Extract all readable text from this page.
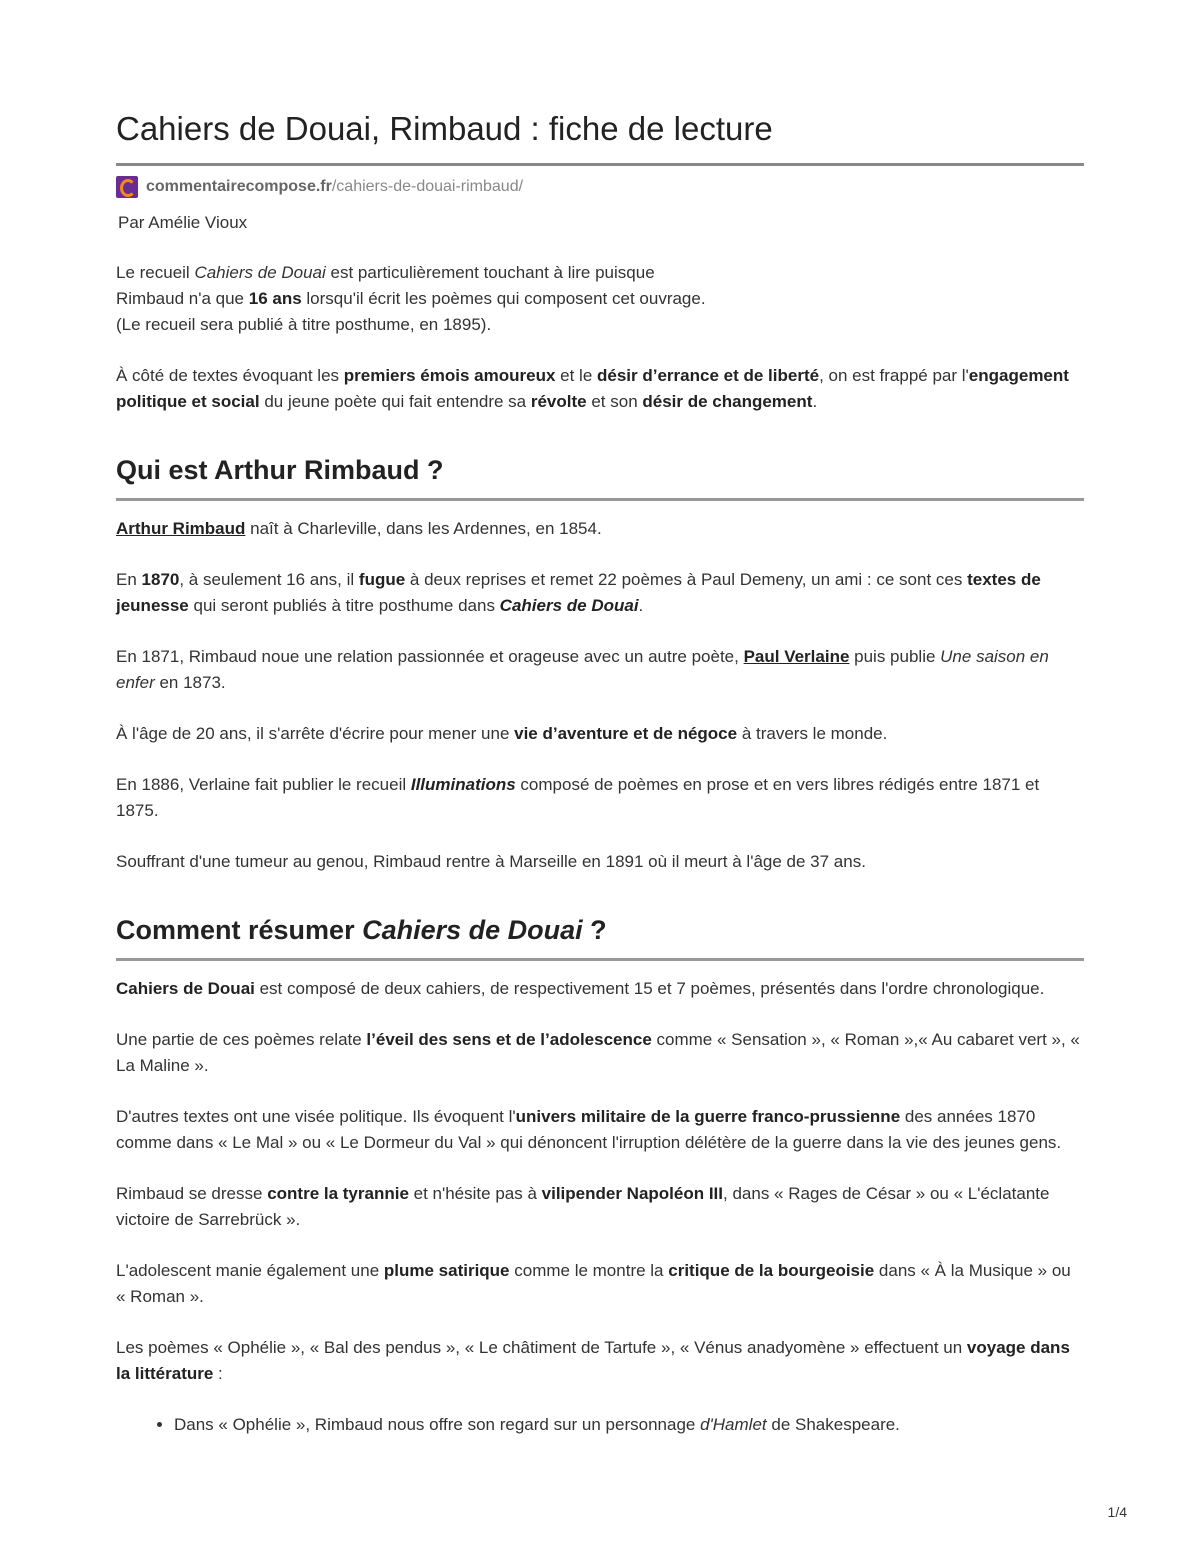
Cahiers de Douai, Rimbaud : fiche de lecture
commentairecompose.fr/cahiers-de-douai-rimbaud/
Par Amélie Vioux

Le recueil Cahiers de Douai est particulièrement touchant à lire puisque Rimbaud n'a que 16 ans lorsqu'il écrit les poèmes qui composent cet ouvrage. (Le recueil sera publié à titre posthume, en 1895).

À côté de textes évoquant les premiers émois amoureux et le désir d’errance et de liberté, on est frappé par l'engagement politique et social du jeune poète qui fait entendre sa révolte et son désir de changement.

Qui est Arthur Rimbaud ?

Arthur Rimbaud naît à Charleville, dans les Ardennes, en 1854.

En 1870, à seulement 16 ans, il fugue à deux reprises et remet 22 poèmes à Paul Demeny, un ami : ce sont ces textes de jeunesse qui seront publiés à titre posthume dans Cahiers de Douai.

En 1871, Rimbaud noue une relation passionnée et orageuse avec un autre poète, Paul Verlaine puis publie Une saison en enfer en 1873.

À l'âge de 20 ans, il s'arrête d'écrire pour mener une vie d’aventure et de négoce à travers le monde.

En 1886, Verlaine fait publier le recueil Illuminations composé de poèmes en prose et en vers libres rédigés entre 1871 et 1875.

Souffrant d'une tumeur au genou, Rimbaud rentre à Marseille en 1891 où il meurt à l'âge de 37 ans.

Comment résumer Cahiers de Douai ?

Cahiers de Douai est composé de deux cahiers, de respectivement 15 et 7 poèmes, présentés dans l'ordre chronologique.

Une partie de ces poèmes relate l’éveil des sens et de l’adolescence comme « Sensation », « Roman »,« Au cabaret vert », « La Maline ».

D'autres textes ont une visée politique. Ils évoquent l'univers militaire de la guerre franco-prussienne des années 1870 comme dans « Le Mal » ou « Le Dormeur du Val » qui dénoncent l'irruption délétère de la guerre dans la vie des jeunes gens.

Rimbaud se dresse contre la tyrannie et n'hésite pas à vilipender Napoléon III, dans « Rages de César » ou « L'éclatante victoire de Sarrebrück ».

L'adolescent manie également une plume satirique comme le montre la critique de la bourgeoisie dans « À la Musique » ou « Roman ».

Les poèmes « Ophélie », « Bal des pendus », « Le châtiment de Tartufe », « Vénus anadyomène » effectuent un voyage dans la littérature :

• Dans « Ophélie », Rimbaud nous offre son regard sur un personnage d'Hamlet de Shakespeare.
1/4
